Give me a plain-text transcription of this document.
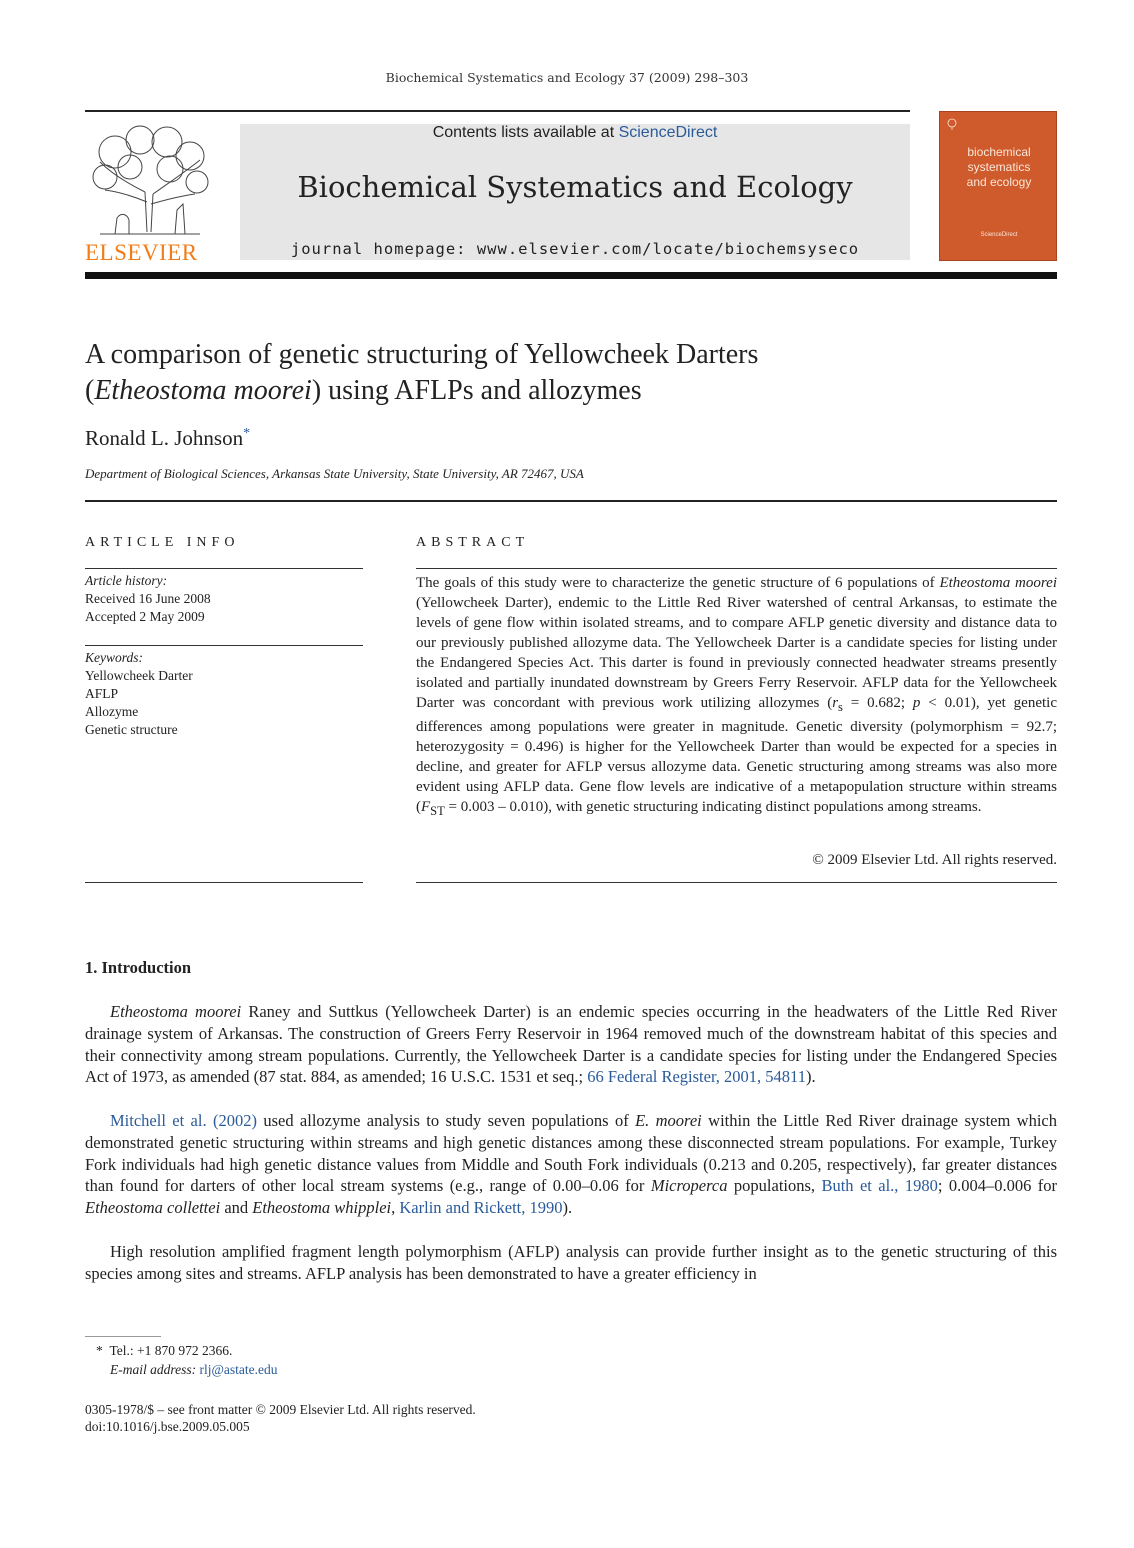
Biochemical Systematics and Ecology 37 (2009) 298–303
ELSEVIER
Contents lists available at ScienceDirect
Biochemical Systematics and Ecology
journal homepage: www.elsevier.com/locate/biochemsyseco
biochemical
systematics
and ecology
ScienceDirect
A comparison of genetic structuring of Yellowcheek Darters
(Etheostoma moorei) using AFLPs and allozymes
Ronald L. Johnson*
Department of Biological Sciences, Arkansas State University, State University, AR 72467, USA
ARTICLE INFO	ABSTRACT
Article history:
Received 16 June 2008
Accepted 2 May 2009
Keywords:
Yellowcheek Darter
AFLP
Allozyme
Genetic structure
The goals of this study were to characterize the genetic structure of 6 populations of Etheostoma moorei (Yellowcheek Darter), endemic to the Little Red River watershed of central Arkansas, to estimate the levels of gene flow within isolated streams, and to compare AFLP genetic diversity and distance data to our previously published allozyme data. The Yellowcheek Darter is a candidate species for listing under the Endangered Species Act. This darter is found in previously connected headwater streams presently isolated and partially inundated downstream by Greers Ferry Reservoir. AFLP data for the Yellowcheek Darter was concordant with previous work utilizing allozymes ($r_s = 0.682$; p < 0.01), yet genetic differences among populations were greater in magnitude. Genetic diversity (polymorphism = 92.7; heterozygosity = 0.496) is higher for the Yellowcheek Darter than would be expected for a species in decline, and greater for AFLP versus allozyme data. Genetic structuring among streams was also more evident using AFLP data. Gene flow levels are indicative of a metapopulation structure within streams $(F_{ST} = 0.003 - 0.010)$, with genetic structuring indicating distinct populations among streams.
© 2009 Elsevier Ltd. All rights reserved.
1. Introduction
Etheostoma moorei Raney and Suttkus (Yellowcheek Darter) is an endemic species occurring in the headwaters of the Little Red River drainage system of Arkansas. The construction of Greers Ferry Reservoir in 1964 removed much of the downstream habitat of this species and their connectivity among stream populations. Currently, the Yellowcheek Darter is a candidate species for listing under the Endangered Species Act of 1973, as amended (87 stat. 884, as amended; 16 U.S.C. 1531 et seq.; 66 Federal Register, 2001, 54811).
Mitchell et al. (2002) used allozyme analysis to study seven populations of E. moorei within the Little Red River drainage system which demonstrated genetic structuring within streams and high genetic distances among these disconnected stream populations. For example, Turkey Fork individuals had high genetic distance values from Middle and South Fork individuals (0.213 and 0.205, respectively), far greater distances than found for darters of other local stream systems (e.g., range of 0.00–0.06 for Microperca populations, Buth et al., 1980; 0.004–0.006 for Etheostoma collettei and Etheostoma whipplei, Karlin and Rickett, 1990).
High resolution amplified fragment length polymorphism (AFLP) analysis can provide further insight as to the genetic structuring of this species among sites and streams. AFLP analysis has been demonstrated to have a greater efficiency in
* Tel.: +1 870 972 2366.
E-mail address: rlj@astate.edu
0305-1978/$ – see front matter © 2009 Elsevier Ltd. All rights reserved.
doi:10.1016/j.bse.2009.05.005
